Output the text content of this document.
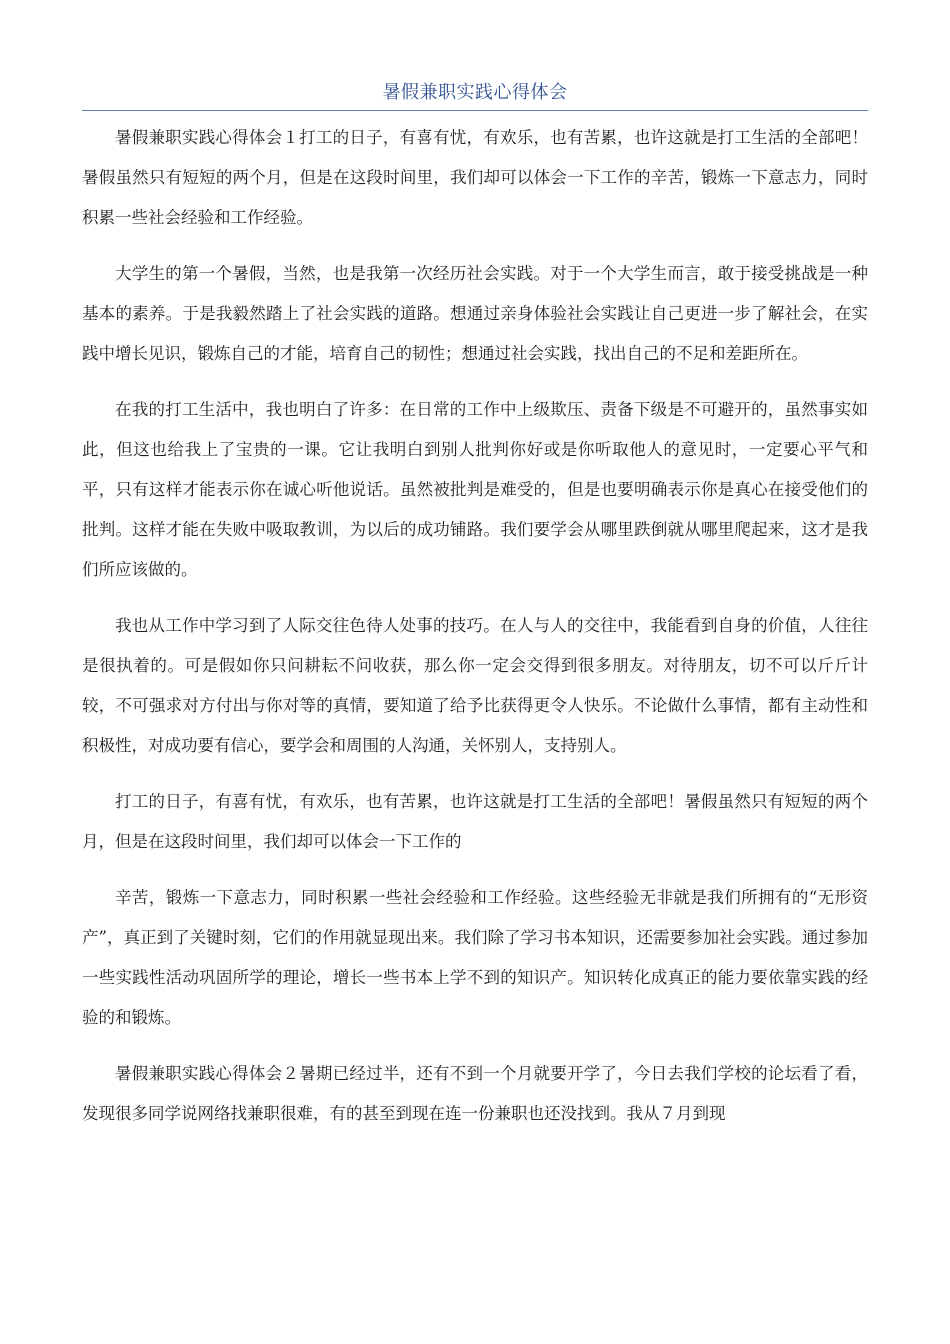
暑假兼职实践心得体会

暑假兼职实践心得体会１打工的日子，有喜有忧，有欢乐，也有苦累，也许这就是打工生活的全部吧！暑假虽然只有短短的两个月，但是在这段时间里，我们却可以体会一下工作的辛苦，锻炼一下意志力，同时积累一些社会经验和工作经验。

大学生的第一个暑假，当然，也是我第一次经历社会实践。对于一个大学生而言，敢于接受挑战是一种基本的素养。于是我毅然踏上了社会实践的道路。想通过亲身体验社会实践让自己更进一步了解社会，在实践中增长见识，锻炼自己的才能，培育自己的韧性；想通过社会实践，找出自己的不足和差距所在。

在我的打工生活中，我也明白了许多：在日常的工作中上级欺压、责备下级是不可避开的，虽然事实如此，但这也给我上了宝贵的一课。它让我明白到别人批判你好或是你听取他人的意见时，一定要心平气和平，只有这样才能表示你在诚心听他说话。虽然被批判是难受的，但是也要明确表示你是真心在接受他们的批判。这样才能在失败中吸取教训，为以后的成功铺路。我们要学会从哪里跌倒就从哪里爬起来，这才是我们所应该做的。

我也从工作中学习到了人际交往色待人处事的技巧。在人与人的交往中，我能看到自身的价值，人往往是很执着的。可是假如你只问耕耘不问收获，那么你一定会交得到很多朋友。对待朋友，切不可以斤斤计较，不可强求对方付出与你对等的真情，要知道了给予比获得更令人快乐。不论做什么事情，都有主动性和积极性，对成功要有信心，要学会和周围的人沟通，关怀别人，支持别人。

打工的日子，有喜有忧，有欢乐，也有苦累，也许这就是打工生活的全部吧！暑假虽然只有短短的两个月，但是在这段时间里，我们却可以体会一下工作的

辛苦，锻炼一下意志力，同时积累一些社会经验和工作经验。这些经验无非就是我们所拥有的“无形资产”，真正到了关键时刻，它们的作用就显现出来。我们除了学习书本知识，还需要参加社会实践。通过参加一些实践性活动巩固所学的理论，增长一些书本上学不到的知识产。知识转化成真正的能力要依靠实践的经验的和锻炼。

暑假兼职实践心得体会２暑期已经过半，还有不到一个月就要开学了，今日去我们学校的论坛看了看，发现很多同学说网络找兼职很难，有的甚至到现在连一份兼职也还没找到。我从７月到现
